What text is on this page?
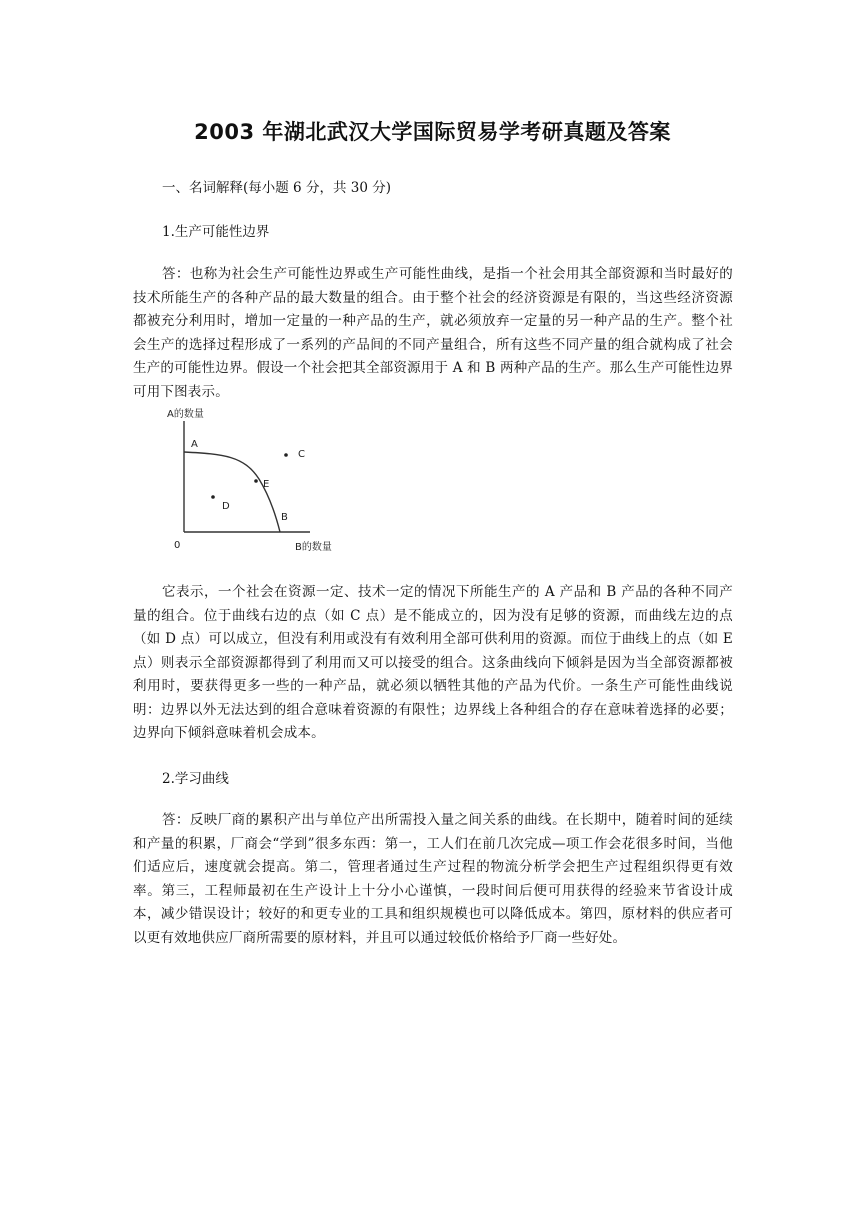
2003 年湖北武汉大学国际贸易学考研真题及答案

一、名词解释(每小题 6 分，共 30 分)

1.生产可能性边界

答：也称为社会生产可能性边界或生产可能性曲线，是指一个社会用其全部资源和当时最好的技术所能生产的各种产品的最大数量的组合。由于整个社会的经济资源是有限的，当这些经济资源都被充分利用时，增加一定量的一种产品的生产，就必须放弃一定量的另一种产品的生产。整个社会生产的选择过程形成了一系列的产品间的不同产量组合，所有这些不同产量的组合就构成了社会生产的可能性边界。假设一个社会把其全部资源用于 A 和 B 两种产品的生产。那么生产可能性边界可用下图表示。

A的数量
B的数量
0
A
B
C
D
E

它表示，一个社会在资源一定、技术一定的情况下所能生产的 A 产品和 B 产品的各种不同产量的组合。位于曲线右边的点（如 C 点）是不能成立的，因为没有足够的资源，而曲线左边的点（如 D 点）可以成立，但没有利用或没有有效利用全部可供利用的资源。而位于曲线上的点（如 E 点）则表示全部资源都得到了利用而又可以接受的组合。这条曲线向下倾斜是因为当全部资源都被利用时，要获得更多一些的一种产品，就必须以牺牲其他的产品为代价。一条生产可能性曲线说明：边界以外无法达到的组合意味着资源的有限性；边界线上各种组合的存在意味着选择的必要；边界向下倾斜意味着机会成本。

2.学习曲线

答：反映厂商的累积产出与单位产出所需投入量之间关系的曲线。在长期中，随着时间的延续和产量的积累，厂商会“学到”很多东西：第一，工人们在前几次完成—项工作会花很多时间，当他们适应后，速度就会提高。第二，管理者通过生产过程的物流分析学会把生产过程组织得更有效率。第三，工程师最初在生产设计上十分小心谨慎，一段时间后便可用获得的经验来节省设计成本，减少错误设计；较好的和更专业的工具和组织规模也可以降低成本。第四，原材料的供应者可以更有效地供应厂商所需要的原材料，并且可以通过较低价格给予厂商一些好处。
